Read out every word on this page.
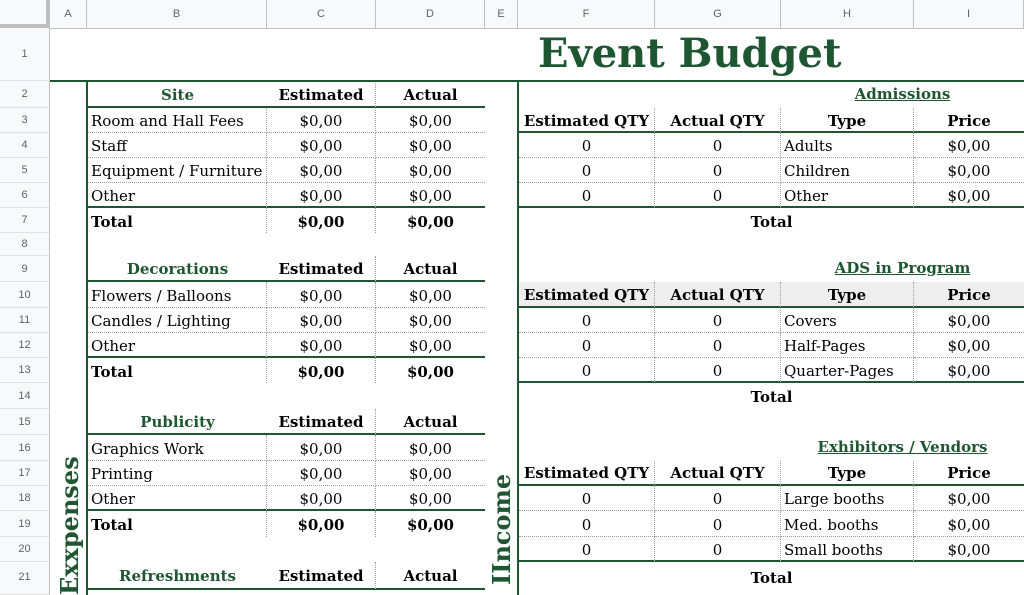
A	B	C	D	E	F	G	H	I
1
2
3
4
5
6
7
8
9
10
11
12
13
14
15
16
17
18
19
20
21
Event Budget
Exxpenses	IIncome
Site	Estimated	Actual
Room and Hall Fees	$0,00	$0,00
Staff	$0,00	$0,00
Equipment / Furniture	$0,00	$0,00
Other	$0,00	$0,00
Total	$0,00	$0,00
Decorations	Estimated	Actual
Flowers / Balloons	$0,00	$0,00
Candles / Lighting	$0,00	$0,00
Other	$0,00	$0,00
Total	$0,00	$0,00
Publicity	Estimated	Actual
Graphics Work	$0,00	$0,00
Printing	$0,00	$0,00
Other	$0,00	$0,00
Total	$0,00	$0,00
Refreshments	Estimated	Actual
Admissions
Estimated QTY	Actual QTY	Type	Price
0	0	Adults	$0,00
0	0	Children	$0,00
0	0	Other	$0,00
Total
ADS in Program
Estimated QTY	Actual QTY	Type	Price
0	0	Covers	$0,00
0	0	Half-Pages	$0,00
0	0	Quarter-Pages	$0,00
Total
Exhibitors / Vendors
Estimated QTY	Actual QTY	Type	Price
0	0	Large booths	$0,00
0	0	Med. booths	$0,00
0	0	Small booths	$0,00
Total
